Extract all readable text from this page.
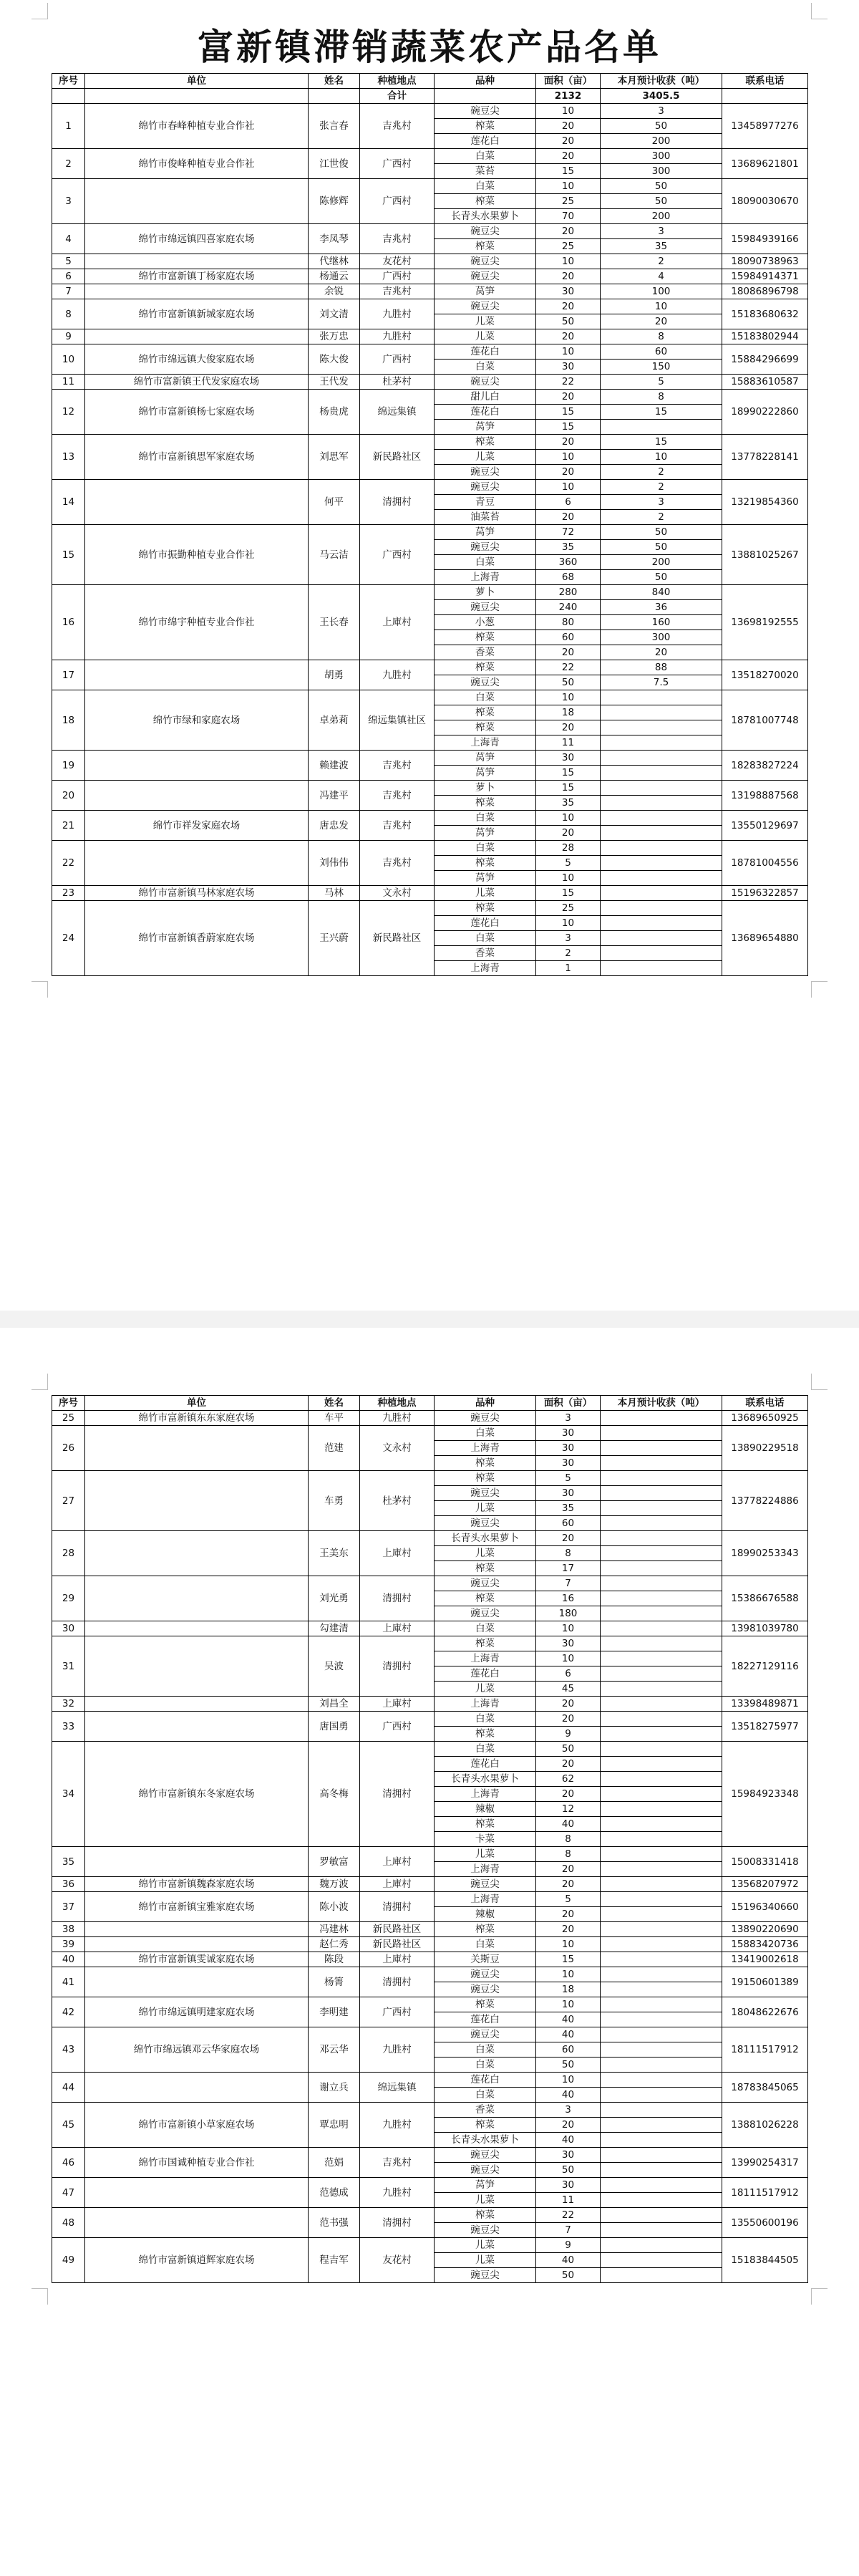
富新镇滞销蔬菜农产品名单
序号	单位	姓名	种植地点	品种	面积（亩）	本月预计收获（吨）	联系电话
			合计		2132	3405.5	
1	绵竹市春峰种植专业合作社	张言春	吉兆村	碗豆尖	10	3	13458977276
				榨菜	20	50	
				莲花白	20	200	
2	绵竹市俊峰种植专业合作社	江世俊	广西村	白菜	20	300	13689621801
				菜苔	15	300	
3		陈修辉	广西村	白菜	10	50	18090030670
				榨菜	25	50	
				长青头水果萝卜	70	200	
4	绵竹市绵远镇四喜家庭农场	李凤琴	吉兆村	碗豆尖	20	3	15984939166
				榨菜	25	35	
5		代继林	友花村	碗豆尖	10	2	18090738963
6	绵竹市富新镇丁杨家庭农场	杨通云	广西村	碗豆尖	20	4	15984914371
7		余锐	吉兆村	莴笋	30	100	18086896798
8	绵竹市富新镇新城家庭农场	刘文清	九胜村	碗豆尖	20	10	15183680632
				儿菜	50	20	
9		张万忠	九胜村	儿菜	20	8	15183802944
10	绵竹市绵远镇大俊家庭农场	陈大俊	广西村	莲花白	10	60	15884296699
				白菜	30	150	
11	绵竹市富新镇王代发家庭农场	王代发	杜茅村	碗豆尖	22	5	15883610587
12	绵竹市富新镇杨七家庭农场	杨贵虎	绵远集镇	甜儿白	20	8	18990222860
				莲花白	15	15	
				莴笋	15		
13	绵竹市富新镇思军家庭农场	刘思军	新民路社区	榨菜	20	15	13778228141
				儿菜	10	10	
				豌豆尖	20	2	
14		何平	清拥村	豌豆尖	10	2	13219854360
				青豆	6	3	
				油菜苔	20	2	
15	绵竹市振勤种植专业合作社	马云洁	广西村	莴笋	72	50	13881025267
				豌豆尖	35	50	
				白菜	360	200	
				上海青	68	50	
16	绵竹市绵宇种植专业合作社	王长春	上庫村	萝卜	280	840	13698192555
				豌豆尖	240	36	
				小葱	80	160	
				榨菜	60	300	
				香菜	20	20	
17		胡勇	九胜村	榨菜	22	88	13518270020
				豌豆尖	50	7.5	
18	绵竹市绿和家庭农场	卓弟莉	绵远集镇社区	白菜	10		18781007748
				榨菜	18		
				榨菜	20		
				上海青	11		
19		赖建波	吉兆村	莴笋	30		18283827224
				莴笋	15		
20		冯建平	吉兆村	萝卜	15		13198887568
				榨菜	35		
21	绵竹市祥发家庭农场	唐忠发	吉兆村	白菜	10		13550129697
				莴笋	20		
22		刘伟伟	吉兆村	白菜	28		18781004556
				榨菜	5		
				莴笋	10		
23	绵竹市富新镇马林家庭农场	马林	文永村	儿菜	15		15196322857
24	绵竹市富新镇香蔚家庭农场	王兴蔚	新民路社区	榨菜	25		13689654880
				莲花白	10		
				白菜	3		
				香菜	2		
				上海青	1		
序号	单位	姓名	种植地点	品种	面积（亩）	本月预计收获（吨）	联系电话
25	绵竹市富新镇东东家庭农场	车平	九胜村	豌豆尖	3		13689650925
26		范建	文永村	白菜	30		13890229518
				上海青	30		
				榨菜	30		
27		车勇	杜茅村	榨菜	5		13778224886
				豌豆尖	30		
				儿菜	35		
				豌豆尖	60		
28		王美东	上庫村	长青头水果萝卜	20		18990253343
				儿菜	8		
				榨菜	17		
29		刘光勇	清拥村	豌豆尖	7		15386676588
				榨菜	16		
				豌豆尖	180		
30		勾建清	上庫村	白菜	10		13981039780
31		吴波	清拥村	榨菜	30		18227129116
				上海青	10		
				莲花白	6		
				儿菜	45		
32		刘昌全	上庫村	上海青	20		13398489871
33		唐国勇	广西村	白菜	20		13518275977
				榨菜	9		
34	绵竹市富新镇东冬家庭农场	高冬梅	清拥村	白菜	50		15984923348
				莲花白	20		
				长青头水果萝卜	62		
				上海青	20		
				辣椒	12		
				榨菜	40		
				卡菜	8		
35		罗敏富	上庫村	儿菜	8		15008331418
				上海青	20		
36	绵竹市富新镇魏森家庭农场	魏万波	上庫村	豌豆尖	20		13568207972
37	绵竹市富新镇宝雅家庭农场	陈小波	清拥村	上海青	5		15196340660
				辣椒	20		
38		冯建林	新民路社区	榨菜	20		13890220690
39		赵仁秀	新民路社区	白菜	10		15883420736
40	绵竹市富新镇雯诚家庭农场	陈段	上庫村	关斯豆	15		13419002618
41		杨箐	清拥村	豌豆尖	10		19150601389
				豌豆尖	18		
42	绵竹市绵远镇明建家庭农场	李明建	广西村	榨菜	10		18048622676
				莲花白	40		
43	绵竹市绵远镇邓云华家庭农场	邓云华	九胜村	豌豆尖	40		18111517912
				白菜	60		
				白菜	50		
44		谢立兵	绵远集镇	莲花白	10		18783845065
				白菜	40		
45	绵竹市富新镇小草家庭农场	覃忠明	九胜村	香菜	3		13881026228
				榨菜	20		
				长青头水果萝卜	40		
46	绵竹市国诚种植专业合作社	范娟	吉兆村	豌豆尖	30		13990254317
				豌豆尖	50		
47		范德成	九胜村	莴笋	30		18111517912
				儿菜	11		
48		范书强	清拥村	榨菜	22		13550600196
				豌豆尖	7		
49	绵竹市富新镇逍辉家庭农场	程吉军	友花村	儿菜	9		15183844505
				儿菜	40		
				豌豆尖	50		
